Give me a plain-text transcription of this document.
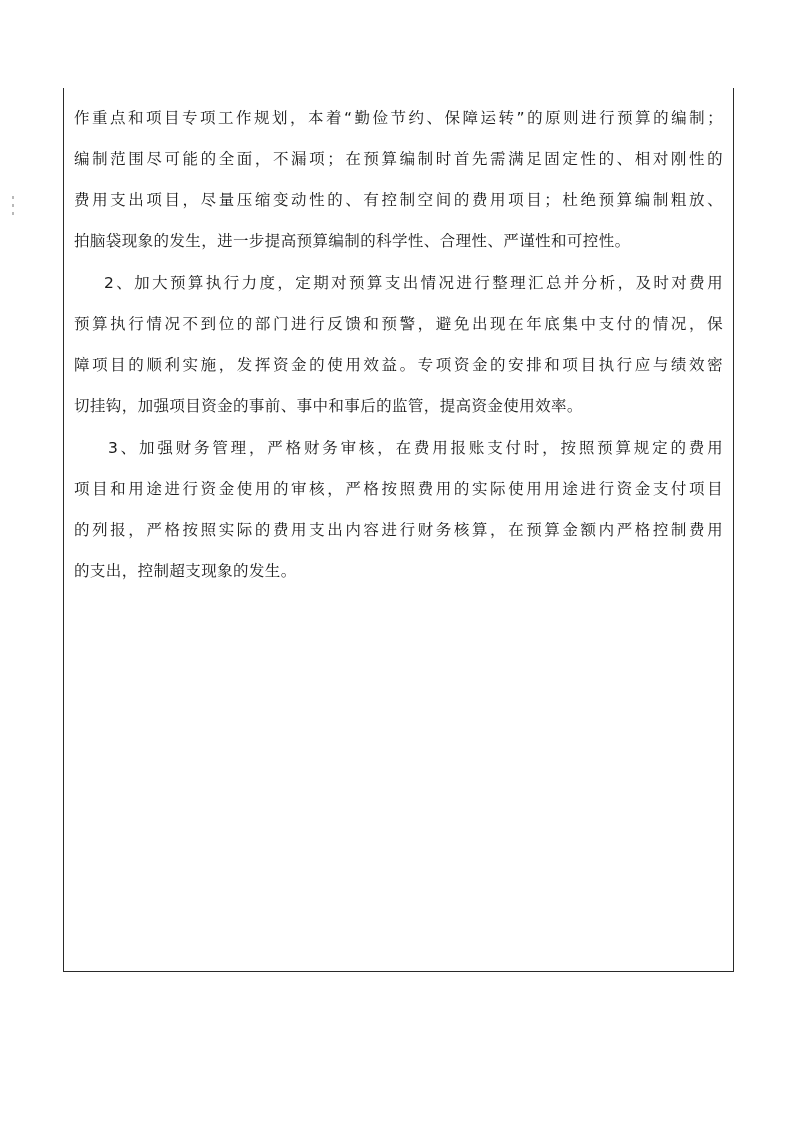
作重点和项目专项工作规划，本着“勤俭节约、保障运转”的原则进行预算的编制；
编制范围尽可能的全面，不漏项；在预算编制时首先需满足固定性的、相对刚性的
费用支出项目，尽量压缩变动性的、有控制空间的费用项目；杜绝预算编制粗放、
拍脑袋现象的发生，进一步提高预算编制的科学性、合理性、严谨性和可控性。
2、加大预算执行力度，定期对预算支出情况进行整理汇总并分析，及时对费用
预算执行情况不到位的部门进行反馈和预警，避免出现在年底集中支付的情况，保
障项目的顺利实施，发挥资金的使用效益。专项资金的安排和项目执行应与绩效密
切挂钩，加强项目资金的事前、事中和事后的监管，提高资金使用效率。
3、加强财务管理，严格财务审核，在费用报账支付时，按照预算规定的费用
项目和用途进行资金使用的审核，严格按照费用的实际使用用途进行资金支付项目
的列报，严格按照实际的费用支出内容进行财务核算，在预算金额内严格控制费用
的支出，控制超支现象的发生。
